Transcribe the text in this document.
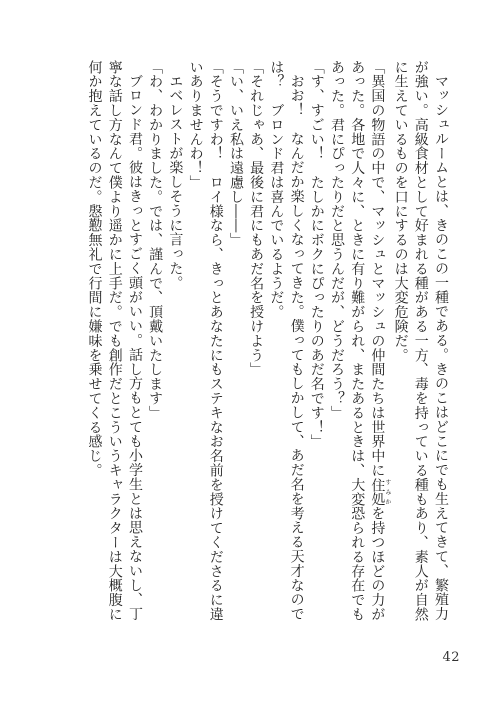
マッシュルームとは、きのこの一種である。きのこはどこにでも生えてきて、繁殖力が強い。高級食材として好まれる種がある一方、毒を持っている種もあり、素人が自然に生えているものを口にするのは大変危険だ。

「異国の物語の中で、マッシュとマッシュの仲間たちは世界中に住処すみかを持つほどの力があった。各地で人々に、ときに有り難がられ、またあるときは、大変恐られる存在でもあった。君にぴったりだと思うんだが、どうだろう？」

「す、すごい！　たしかにボクにぴったりのあだ名です！」

おお！　なんだか楽しくなってきた。僕ってもしかして、あだ名を考える天才なのでは？　ブロンド君は喜んでいるようだ。

「それじゃあ、最後に君にもあだ名を授けよう」

「い、いえ私は遠慮し――」

「そうですわ！　ロイ様なら、きっとあなたにもステキなお名前を授けてくださるに違いありませんわ！」

エベレストが楽しそうに言った。

「わ、わかりました。では、謹んで、頂戴いたします」

ブロンド君。彼はきっとすごく頭がいい。話し方もとても小学生とは思えないし、丁寧な話し方なんて僕より遥かに上手だ。でも創作だとこういうキャラクターは大概腹に何か抱えているのだ。慇懃無礼で行間に嫌味を乗せてくる感じ。

42
